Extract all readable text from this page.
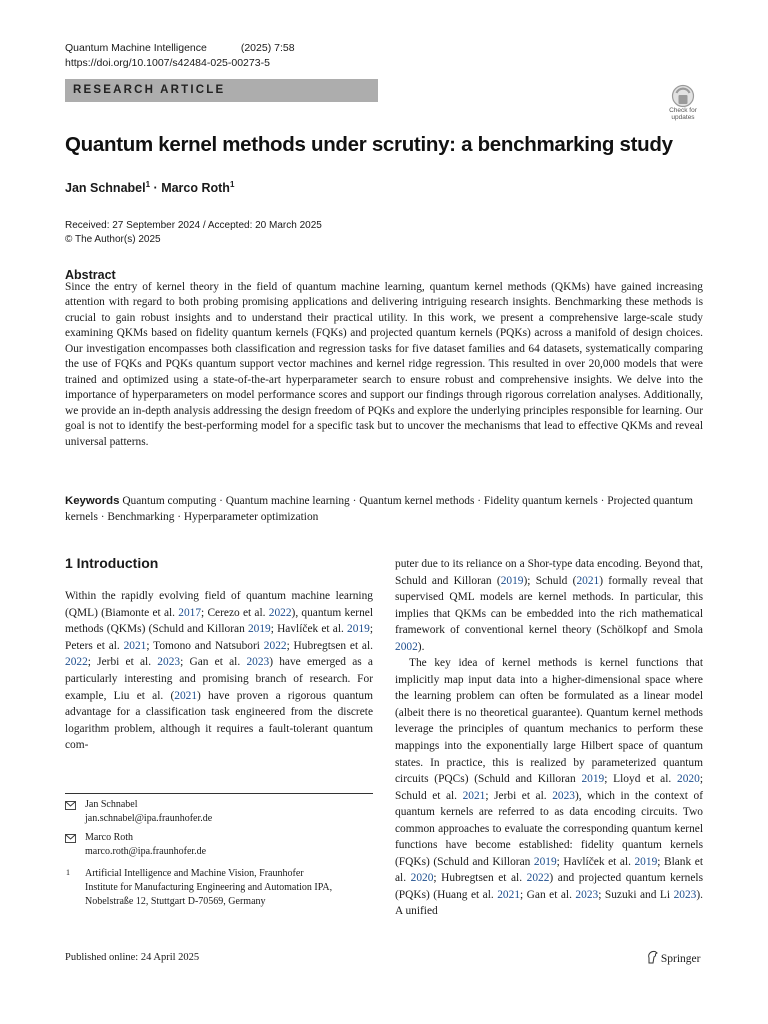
Quantum Machine Intelligence	(2025) 7:58
https://doi.org/10.1007/s42484-025-00273-5
RESEARCH ARTICLE
Check for
updates
Quantum kernel methods under scrutiny: a benchmarking study
Jan Schnabel$^1$ · Marco Roth$^1$
Received: 27 September 2024 / Accepted: 20 March 2025
© The Author(s) 2025
Abstract
Since the entry of kernel theory in the field of quantum machine learning, quantum kernel methods (QKMs) have gained increasing attention with regard to both probing promising applications and delivering intriguing research insights. Benchmarking these methods is crucial to gain robust insights and to understand their practical utility. In this work, we present a comprehensive large-scale study examining QKMs based on fidelity quantum kernels (FQKs) and projected quantum kernels (PQKs) across a manifold of design choices. Our investigation encompasses both classification and regression tasks for five dataset families and 64 datasets, systematically comparing the use of FQKs and PQKs quantum support vector machines and kernel ridge regression. This resulted in over 20,000 models that were trained and optimized using a state-of-the-art hyperparameter search to ensure robust and comprehensive insights. We delve into the importance of hyperparameters on model performance scores and support our findings through rigorous correlation analyses. Additionally, we provide an in-depth analysis addressing the design freedom of PQKs and explore the underlying principles responsible for learning. Our goal is not to identify the best-performing model for a specific task but to uncover the mechanisms that lead to effective QKMs and reveal universal patterns.
Keywords Quantum computing · Quantum machine learning · Quantum kernel methods · Fidelity quantum kernels · Projected quantum kernels · Benchmarking · Hyperparameter optimization
1 Introduction
Within the rapidly evolving field of quantum machine learning (QML) (Biamonte et al. 2017; Cerezo et al. 2022), quantum kernel methods (QKMs) (Schuld and Killoran 2019; Havlíček et al. 2019; Peters et al. 2021; Tomono and Natsubori 2022; Hubregtsen et al. 2022; Jerbi et al. 2023; Gan et al. 2023) have emerged as a particularly interesting and promising branch of research. For example, Liu et al. (2021) have proven a rigorous quantum advantage for a classification task engineered from the discrete logarithm problem, although it requires a fault-tolerant quantum com-
puter due to its reliance on a Shor-type data encoding. Beyond that, Schuld and Killoran (2019); Schuld (2021) formally reveal that supervised QML models are kernel methods. In particular, this implies that QKMs can be embedded into the rich mathematical framework of conventional kernel theory (Schölkopf and Smola 2002).
The key idea of kernel methods is kernel functions that implicitly map input data into a higher-dimensional space where the learning problem can often be formulated as a linear model (albeit there is no theoretical guarantee). Quantum kernel methods leverage the principles of quantum mechanics to perform these mappings into the exponentially large Hilbert space of quantum states. In practice, this is realized by parameterized quantum circuits (PQCs) (Schuld and Killoran 2019; Lloyd et al. 2020; Schuld et al. 2021; Jerbi et al. 2023), which in the context of quantum kernels are referred to as data encoding circuits. Two common approaches to evaluate the corresponding quantum kernel functions have become established: fidelity quantum kernels (FQKs) (Schuld and Killoran 2019; Havlíček et al. 2019; Blank et al. 2020; Hubregtsen et al. 2022) and projected quantum kernels (PQKs) (Huang et al. 2021; Gan et al. 2023; Suzuki and Li 2023). A unified
Jan Schnabel
jan.schnabel@ipa.fraunhofer.de
Marco Roth
marco.roth@ipa.fraunhofer.de
1 Artificial Intelligence and Machine Vision, Fraunhofer
Institute for Manufacturing Engineering and Automation IPA,
Nobelstraße 12, Stuttgart D-70569, Germany
Published online: 24 April 2025	Springer
